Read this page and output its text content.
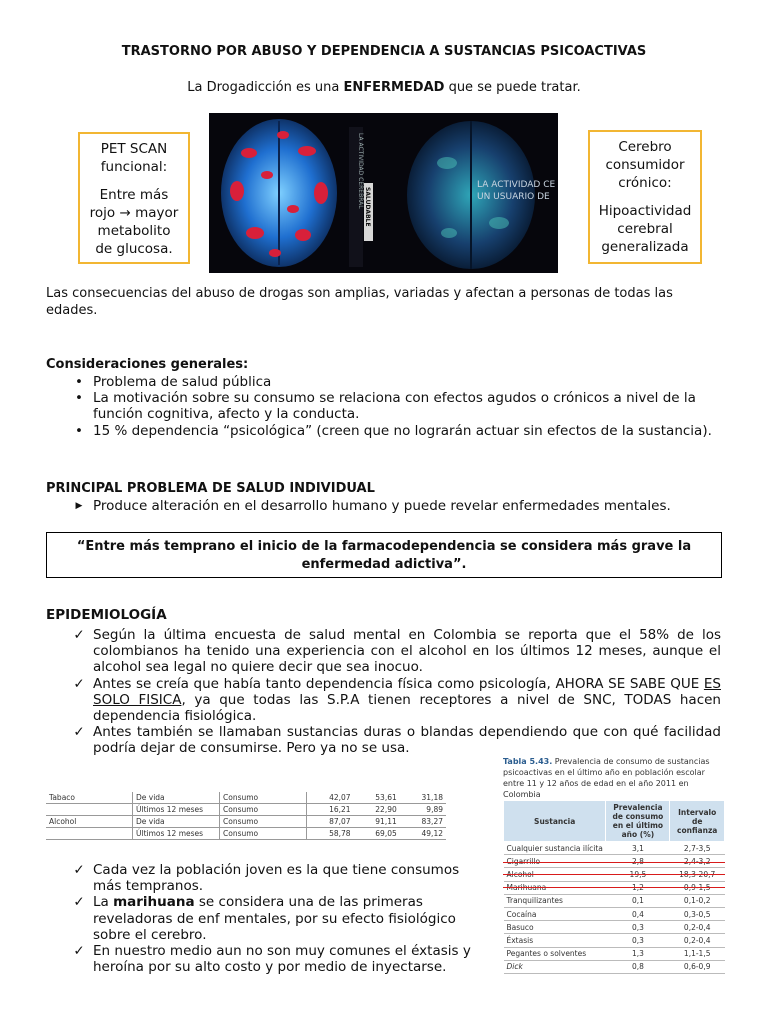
TRASTORNO POR ABUSO Y DEPENDENCIA A SUSTANCIAS PSICOACTIVAS
La Drogadicción es una ENFERMEDAD que se puede tratar.

PET SCAN

funcional:

Entre más

rojo → mayor

metabolito

de glucosa.

LA ACTIVIDAD CEREBRAL SALUDABLE
LA ACTIVIDAD CE
UN USUARIO DE

Cerebro

consumidor

crónico:

Hipoactividad

cerebral

generalizada

Las consecuencias del abuso de drogas son amplias, variadas y afectan a personas de todas las edades.
Consideraciones generales:
• Problema de salud pública
• La motivación sobre su consumo se relaciona con efectos agudos o crónicos a nivel de la función cognitiva, afecto y la conducta.
• 15 % dependencia “psicológica” (creen que no lograrán actuar sin efectos de la sustancia).
PRINCIPAL PROBLEMA DE SALUD INDIVIDUAL
▶ Produce alteración en el desarrollo humano y puede revelar enfermedades mentales.
“Entre más temprano el inicio de la farmacodependencia se considera más grave la enfermedad adictiva”.
EPIDEMIOLOGÍA
✓ Según la última encuesta de salud mental en Colombia se reporta que el 58% de los colombianos ha tenido una experiencia con el alcohol en los últimos 12 meses, aunque el alcohol sea legal no quiere decir que sea inocuo.
✓ Antes se creía que había tanto dependencia física como psicología, AHORA SE SABE QUE ES SOLO FISICA, ya que todas las S.P.A tienen receptores a nivel de SNC, TODAS hacen dependencia fisiológica.
✓ Antes también se llamaban sustancias duras o blandas dependiendo que con qué facilidad podría dejar de consumirse. Pero ya no se usa.
Tabaco	De vida	Consumo	42,07	53,61	31,18
	Últimos 12 meses	Consumo	16,21	22,90	9,89
Alcohol	De vida	Consumo	87,07	91,11	83,27
	Últimos 12 meses	Consumo	58,78	69,05	49,12
✓ Cada vez la población joven es la que tiene consumos más tempranos.
✓ La marihuana se considera una de las primeras reveladoras de enf mentales, por su efecto fisiológico sobre el cerebro.
✓ En nuestro medio aun no son muy comunes el éxtasis y heroína por su alto costo y por medio de inyectarse.
Tabla 5.43. Prevalencia de consumo de sustancias psicoactivas en el último año en población escolar entre 11 y 12 años de edad en el año 2011 en Colombia
Sustancia	Prevalencia de consumo en el último año (%)	Intervalo de confianza
Cualquier sustancia ilícita	3,1	2,7-3,5
Cigarrillo	2,8	2,4-3,2
Alcohol	19,5	18,3-20,7
Marihuana	1,2	0,9-1,5
Tranquilizantes	0,1	0,1-0,2
Cocaína	0,4	0,3-0,5
Basuco	0,3	0,2-0,4
Éxtasis	0,3	0,2-0,4
Pegantes o solventes	1,3	1,1-1,5
Dick	0,8	0,6-0,9
